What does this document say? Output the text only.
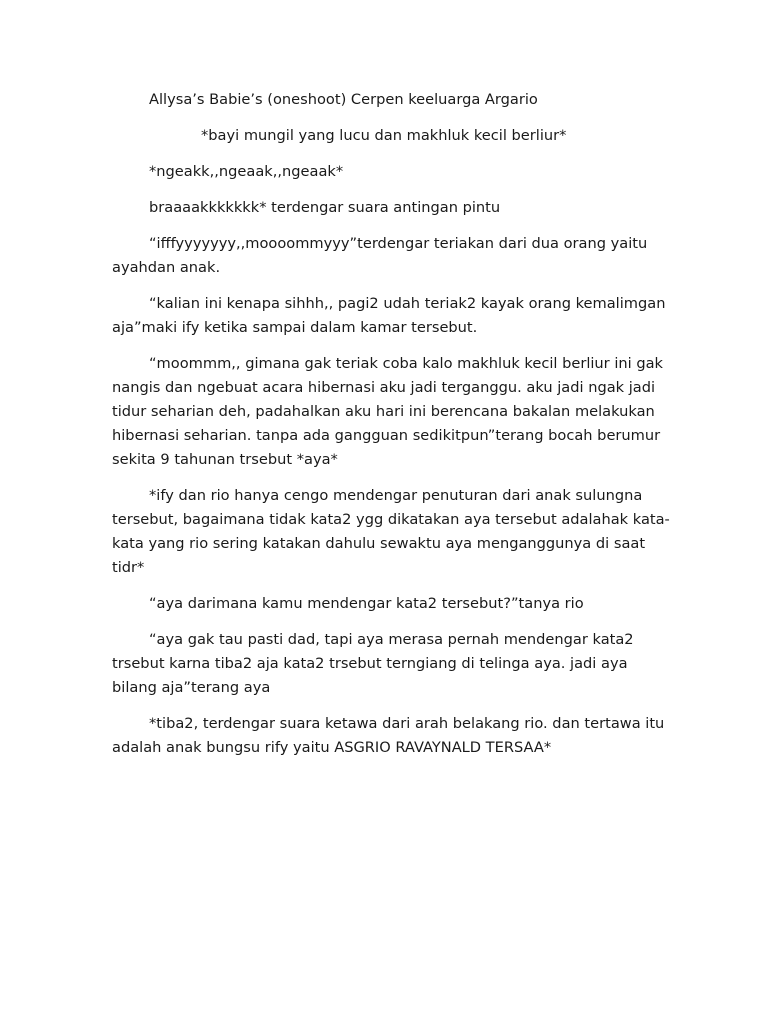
Allysa’s Babie’s (oneshoot) Cerpen keeluarga Argario

*bayi mungil yang lucu dan makhluk kecil berliur*

*ngeakk,,ngeaak,,ngeaak*

braaaakkkkkkk* terdengar suara antingan pintu

“ifffyyyyyyy,,moooommyyy”terdengar teriakan dari dua orang yaitu ayahdan anak.

“kalian ini kenapa sihhh,, pagi2 udah teriak2 kayak orang kemalimgan aja”maki ify ketika sampai dalam kamar tersebut.

“moommm,, gimana gak teriak coba kalo makhluk kecil berliur ini gak nangis dan ngebuat acara hibernasi aku jadi terganggu. aku jadi ngak jadi tidur seharian deh, padahalkan aku hari ini berencana bakalan melakukan hibernasi seharian. tanpa ada gangguan sedikitpun”terang bocah berumur sekita 9 tahunan trsebut *aya*

*ify dan rio hanya cengo mendengar penuturan dari anak sulungna tersebut, bagaimana tidak kata2 ygg dikatakan aya tersebut adalahak kata-kata yang rio sering katakan dahulu sewaktu aya menganggunya di saat tidr*

“aya darimana kamu mendengar kata2 tersebut?”tanya rio

“aya gak tau pasti dad, tapi aya merasa pernah mendengar kata2 trsebut karna tiba2 aja kata2 trsebut terngiang di telinga aya. jadi aya bilang aja”terang aya

*tiba2, terdengar suara ketawa dari arah belakang rio. dan tertawa itu adalah anak bungsu rify yaitu ASGRIO RAVAYNALD TERSAA*
